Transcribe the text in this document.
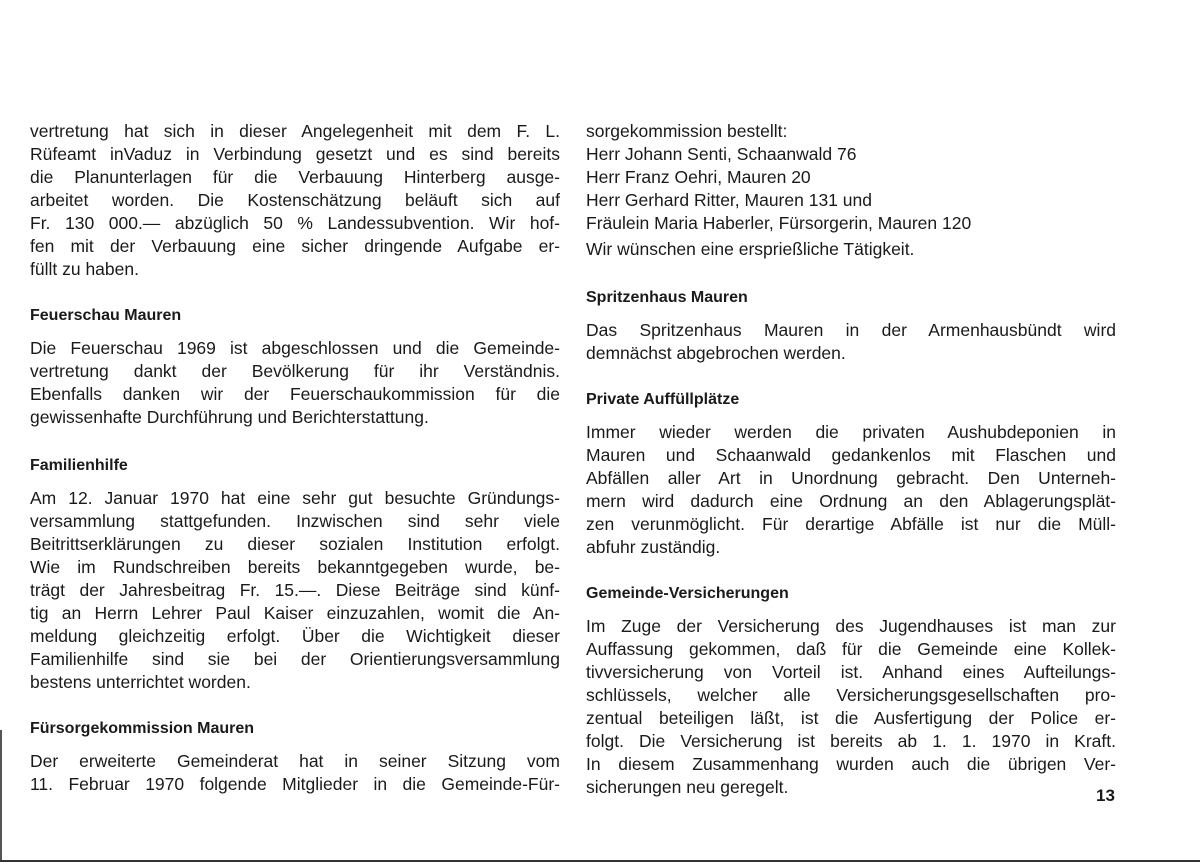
vertretung hat sich in dieser Angelegenheit mit dem F. L.
Rüfeamt inVaduz in Verbindung gesetzt und es sind bereits
die Planunterlagen für die Verbauung Hinterberg ausge-
arbeitet worden. Die Kostenschätzung beläuft sich auf
Fr. 130 000.— abzüglich 50 % Landessubvention. Wir hof-
fen mit der Verbauung eine sicher dringende Aufgabe er-
füllt zu haben.
Feuerschau Mauren
Die Feuerschau 1969 ist abgeschlossen und die Gemeinde-
vertretung dankt der Bevölkerung für ihr Verständnis.
Ebenfalls danken wir der Feuerschaukommission für die
gewissenhafte Durchführung und Berichterstattung.
Familienhilfe
Am 12. Januar 1970 hat eine sehr gut besuchte Gründungs-
versammlung stattgefunden. Inzwischen sind sehr viele
Beitrittserklärungen zu dieser sozialen Institution erfolgt.
Wie im Rundschreiben bereits bekanntgegeben wurde, be-
trägt der Jahresbeitrag Fr. 15.—. Diese Beiträge sind künf-
tig an Herrn Lehrer Paul Kaiser einzuzahlen, womit die An-
meldung gleichzeitig erfolgt. Über die Wichtigkeit dieser
Familienhilfe sind sie bei der Orientierungsversammlung
bestens unterrichtet worden.
Fürsorgekommission Mauren
Der erweiterte Gemeinderat hat in seiner Sitzung vom
11. Februar 1970 folgende Mitglieder in die Gemeinde-Für-
sorgekommission bestellt:
Herr Johann Senti, Schaanwald 76
Herr Franz Oehri, Mauren 20
Herr Gerhard Ritter, Mauren 131 und
Fräulein Maria Haberler, Fürsorgerin, Mauren 120
Wir wünschen eine ersprießliche Tätigkeit.
Spritzenhaus Mauren
Das Spritzenhaus Mauren in der Armenhausbündt wird
demnächst abgebrochen werden.
Private Auffüllplätze
Immer wieder werden die privaten Aushubdeponien in
Mauren und Schaanwald gedankenlos mit Flaschen und
Abfällen aller Art in Unordnung gebracht. Den Unterneh-
mern wird dadurch eine Ordnung an den Ablagerungsplät-
zen verunmöglicht. Für derartige Abfälle ist nur die Müll-
abfuhr zuständig.
Gemeinde-Versicherungen
Im Zuge der Versicherung des Jugendhauses ist man zur
Auffassung gekommen, daß für die Gemeinde eine Kollek-
tivversicherung von Vorteil ist. Anhand eines Aufteilungs-
schlüssels, welcher alle Versicherungsgesellschaften pro-
zentual beteiligen läßt, ist die Ausfertigung der Police er-
folgt. Die Versicherung ist bereits ab 1. 1. 1970 in Kraft.
In diesem Zusammenhang wurden auch die übrigen Ver-
sicherungen neu geregelt.	13
